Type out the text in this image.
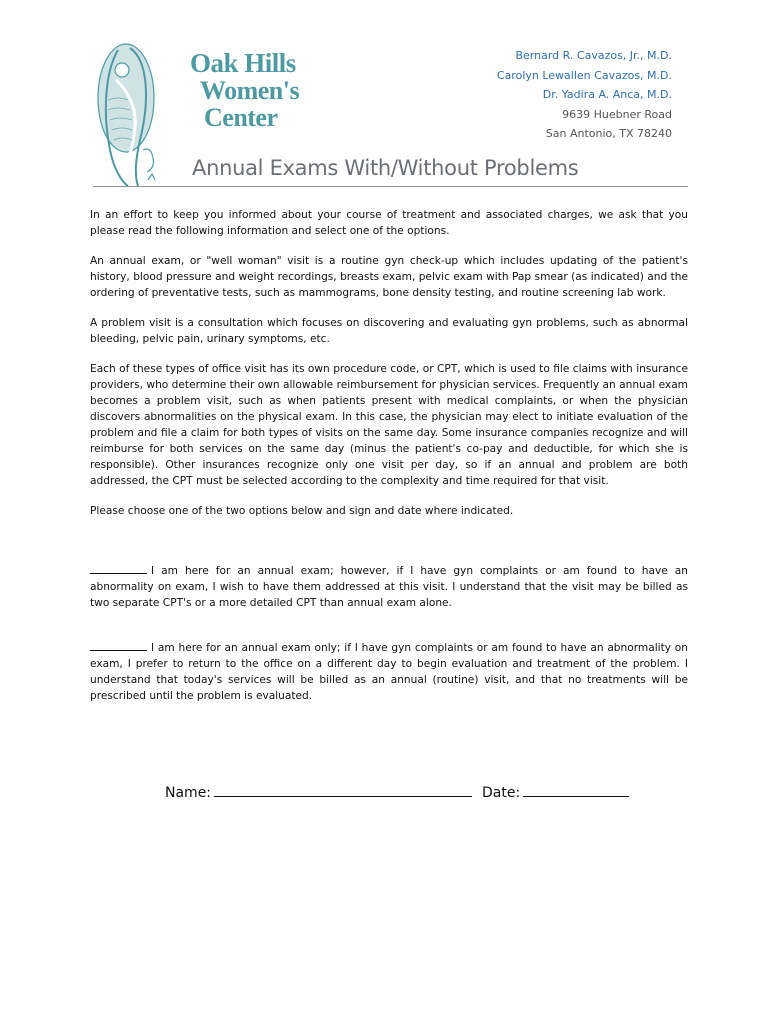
Oak Hills
Women's
Center
Bernard R. Cavazos, Jr., M.D.
Carolyn Lewallen Cavazos, M.D.
Dr. Yadira A. Anca, M.D.
9639 Huebner Road
San Antonio, TX 78240
Annual Exams With/Without Problems

In an effort to keep you informed about your course of treatment and associated charges, we ask that you please read the following information and select one of the options.

An annual exam, or "well woman" visit is a routine gyn check-up which includes updating of the patient's history, blood pressure and weight recordings, breasts exam, pelvic exam with Pap smear (as indicated) and the ordering of preventative tests, such as mammograms, bone density testing, and routine screening lab work.

A problem visit is a consultation which focuses on discovering and evaluating gyn problems, such as abnormal bleeding, pelvic pain, urinary symptoms, etc.

Each of these types of office visit has its own procedure code, or CPT, which is used to file claims with insurance providers, who determine their own allowable reimbursement for physician services. Frequently an annual exam becomes a problem visit, such as when patients present with medical complaints, or when the physician discovers abnormalities on the physical exam. In this case, the physician may elect to initiate evaluation of the problem and file a claim for both types of visits on the same day. Some insurance companies recognize and will reimburse for both services on the same day (minus the patient's co-pay and deductible, for which she is responsible). Other insurances recognize only one visit per day, so if an annual and problem are both addressed, the CPT must be selected according to the complexity and time required for that visit.

Please choose one of the two options below and sign and date where indicated.

I am here for an annual exam; however, if I have gyn complaints or am found to have an abnormality on exam, I wish to have them addressed at this visit. I understand that the visit may be billed as two separate CPT's or a more detailed CPT than annual exam alone.
I am here for an annual exam only; if I have gyn complaints or am found to have an abnormality on exam, I prefer to return to the office on a different day to begin evaluation and treatment of the problem. I understand that today's services will be billed as an annual (routine) visit, and that no treatments will be prescribed until the problem is evaluated.
Name:	Date:
